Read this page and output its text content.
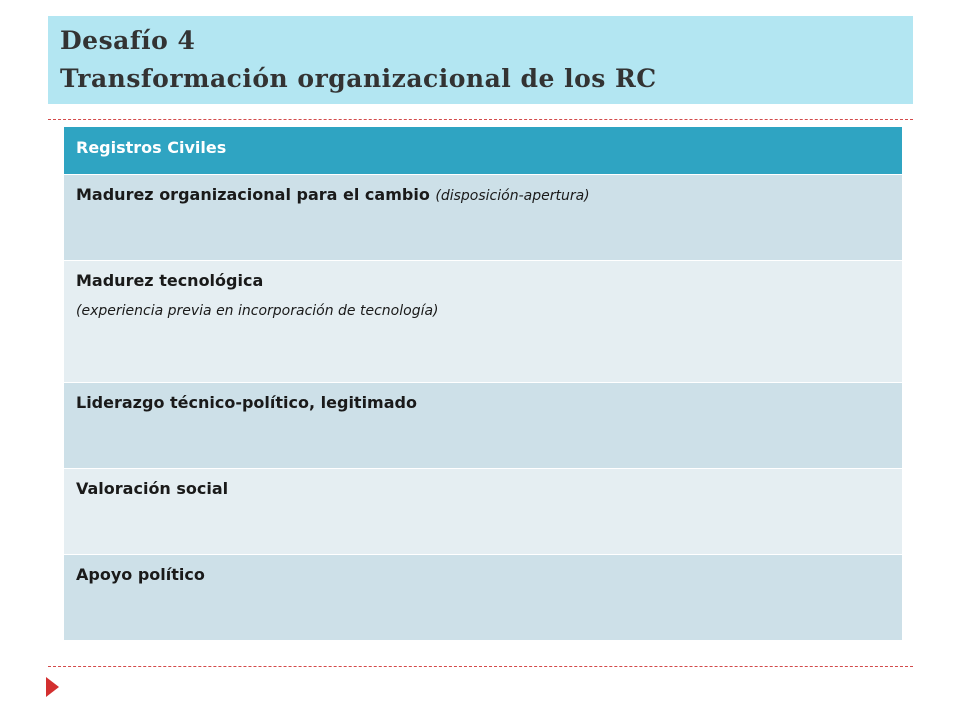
Desafío 4
Transformación organizacional de los RC
Registros Civiles
Madurez organizacional para el cambio (disposición-apertura)
Madurez tecnológica
(experiencia previa en incorporación de tecnología)
Liderazgo técnico-político, legitimado
Valoración social
Apoyo político
